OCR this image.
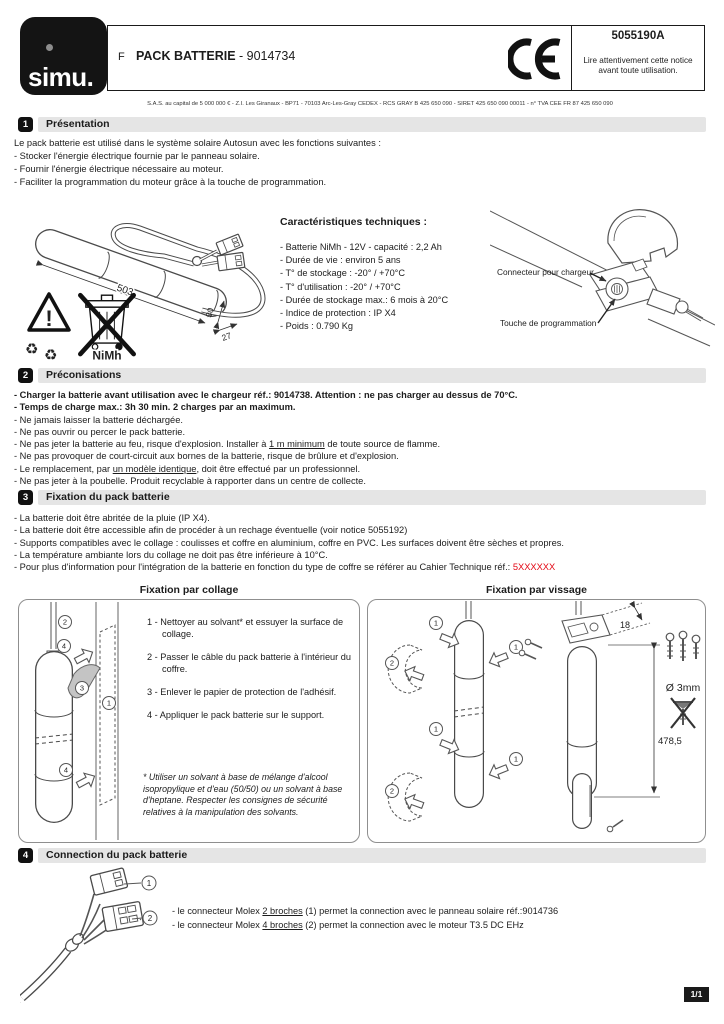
simu.
F PACK BATTERIE - 9014734
5055190A
Lire attentivement cette notice avant toute utilisation.
S.A.S. au capital de 5 000 000 € - Z.I. Les Giranaux - BP71 - 70103 Arc-Les-Gray CEDEX - RCS GRAY B 425 650 090 - SIRET 425 650 090 00011 - n° TVA CEE FR 87 425 650 090
1	Présentation
Le pack batterie est utilisé dans le système solaire Autosun avec les fonctions suivantes :
- Stocker l'énergie électrique fournie par le panneau solaire.
- Fournir l'énergie électrique nécessaire au moteur.
- Faciliter la programmation du moteur grâce à la touche de programmation.
503
30
27
!
♻ ♻	NiMh
Caractéristiques techniques :
- Batterie NiMh - 12V - capacité : 2,2 Ah
- Durée de vie : environ 5 ans
- T° de stockage : -20° / +70°C
- T° d'utilisation : -20° / +70°C
- Durée de stockage max.: 6 mois à 20°C
- Indice de protection : IP X4
- Poids : 0.790 Kg
Connecteur pour chargeur
Touche de programmation
2	Préconisations
- Charger la batterie avant utilisation avec le chargeur réf.: 9014738. Attention : ne pas charger au dessus de 70°C.
- Temps de charge max.: 3h 30 min. 2 charges par an maximum.
- Ne jamais laisser la batterie déchargée.
- Ne pas ouvrir ou percer le pack batterie.
- Ne pas jeter la batterie au feu, risque d'explosion. Installer à 1 m minimum de toute source de flamme.
- Ne pas provoquer de court-circuit aux bornes de la batterie, risque de brûlure et d'explosion.
- Le remplacement, par un modèle identique, doit être effectué par un professionnel.
- Ne pas jeter à la poubelle. Produit recyclable à rapporter dans un centre de collecte.
3	Fixation du pack batterie
- La batterie doit être abritée de la pluie (IP X4).
- La batterie doit être accessible afin de procéder à un rechage éventuelle (voir notice 5055192)
- Supports compatibles avec le collage : coulisses et coffre en aluminium, coffre en PVC. Les surfaces doivent être sèches et propres.
- La température ambiante lors du collage ne doit pas être inférieure à 10°C.
- Pour plus d'information pour l'intégration de la batterie en fonction du type de coffre se référer au Cahier Technique réf.: 5XXXXXX
Fixation par collage	Fixation par vissage
2
4
3
1
4
1 - Nettoyer au solvant* et essuyer la surface de collage.
2 - Passer le câble du pack batterie à l'intérieur du coffre.
3 - Enlever le papier de protection de l'adhésif.
4 - Appliquer le pack batterie sur le support.
* Utiliser un solvant à base de mélange d'alcool isopropylique et d'eau (50/50) ou un solvant à base d'heptane. Respecter les consignes de sécurité relatives à la manipulation des solvants.
1
1
1
1
2
2
18
478,5
Ø 3mm
4	Connection du pack batterie
1
2
- le connecteur Molex 2 broches (1) permet la connection avec le panneau solaire réf.:9014736
- le connecteur Molex 4 broches (2) permet la connection avec le moteur T3.5 DC EHz
1/1
